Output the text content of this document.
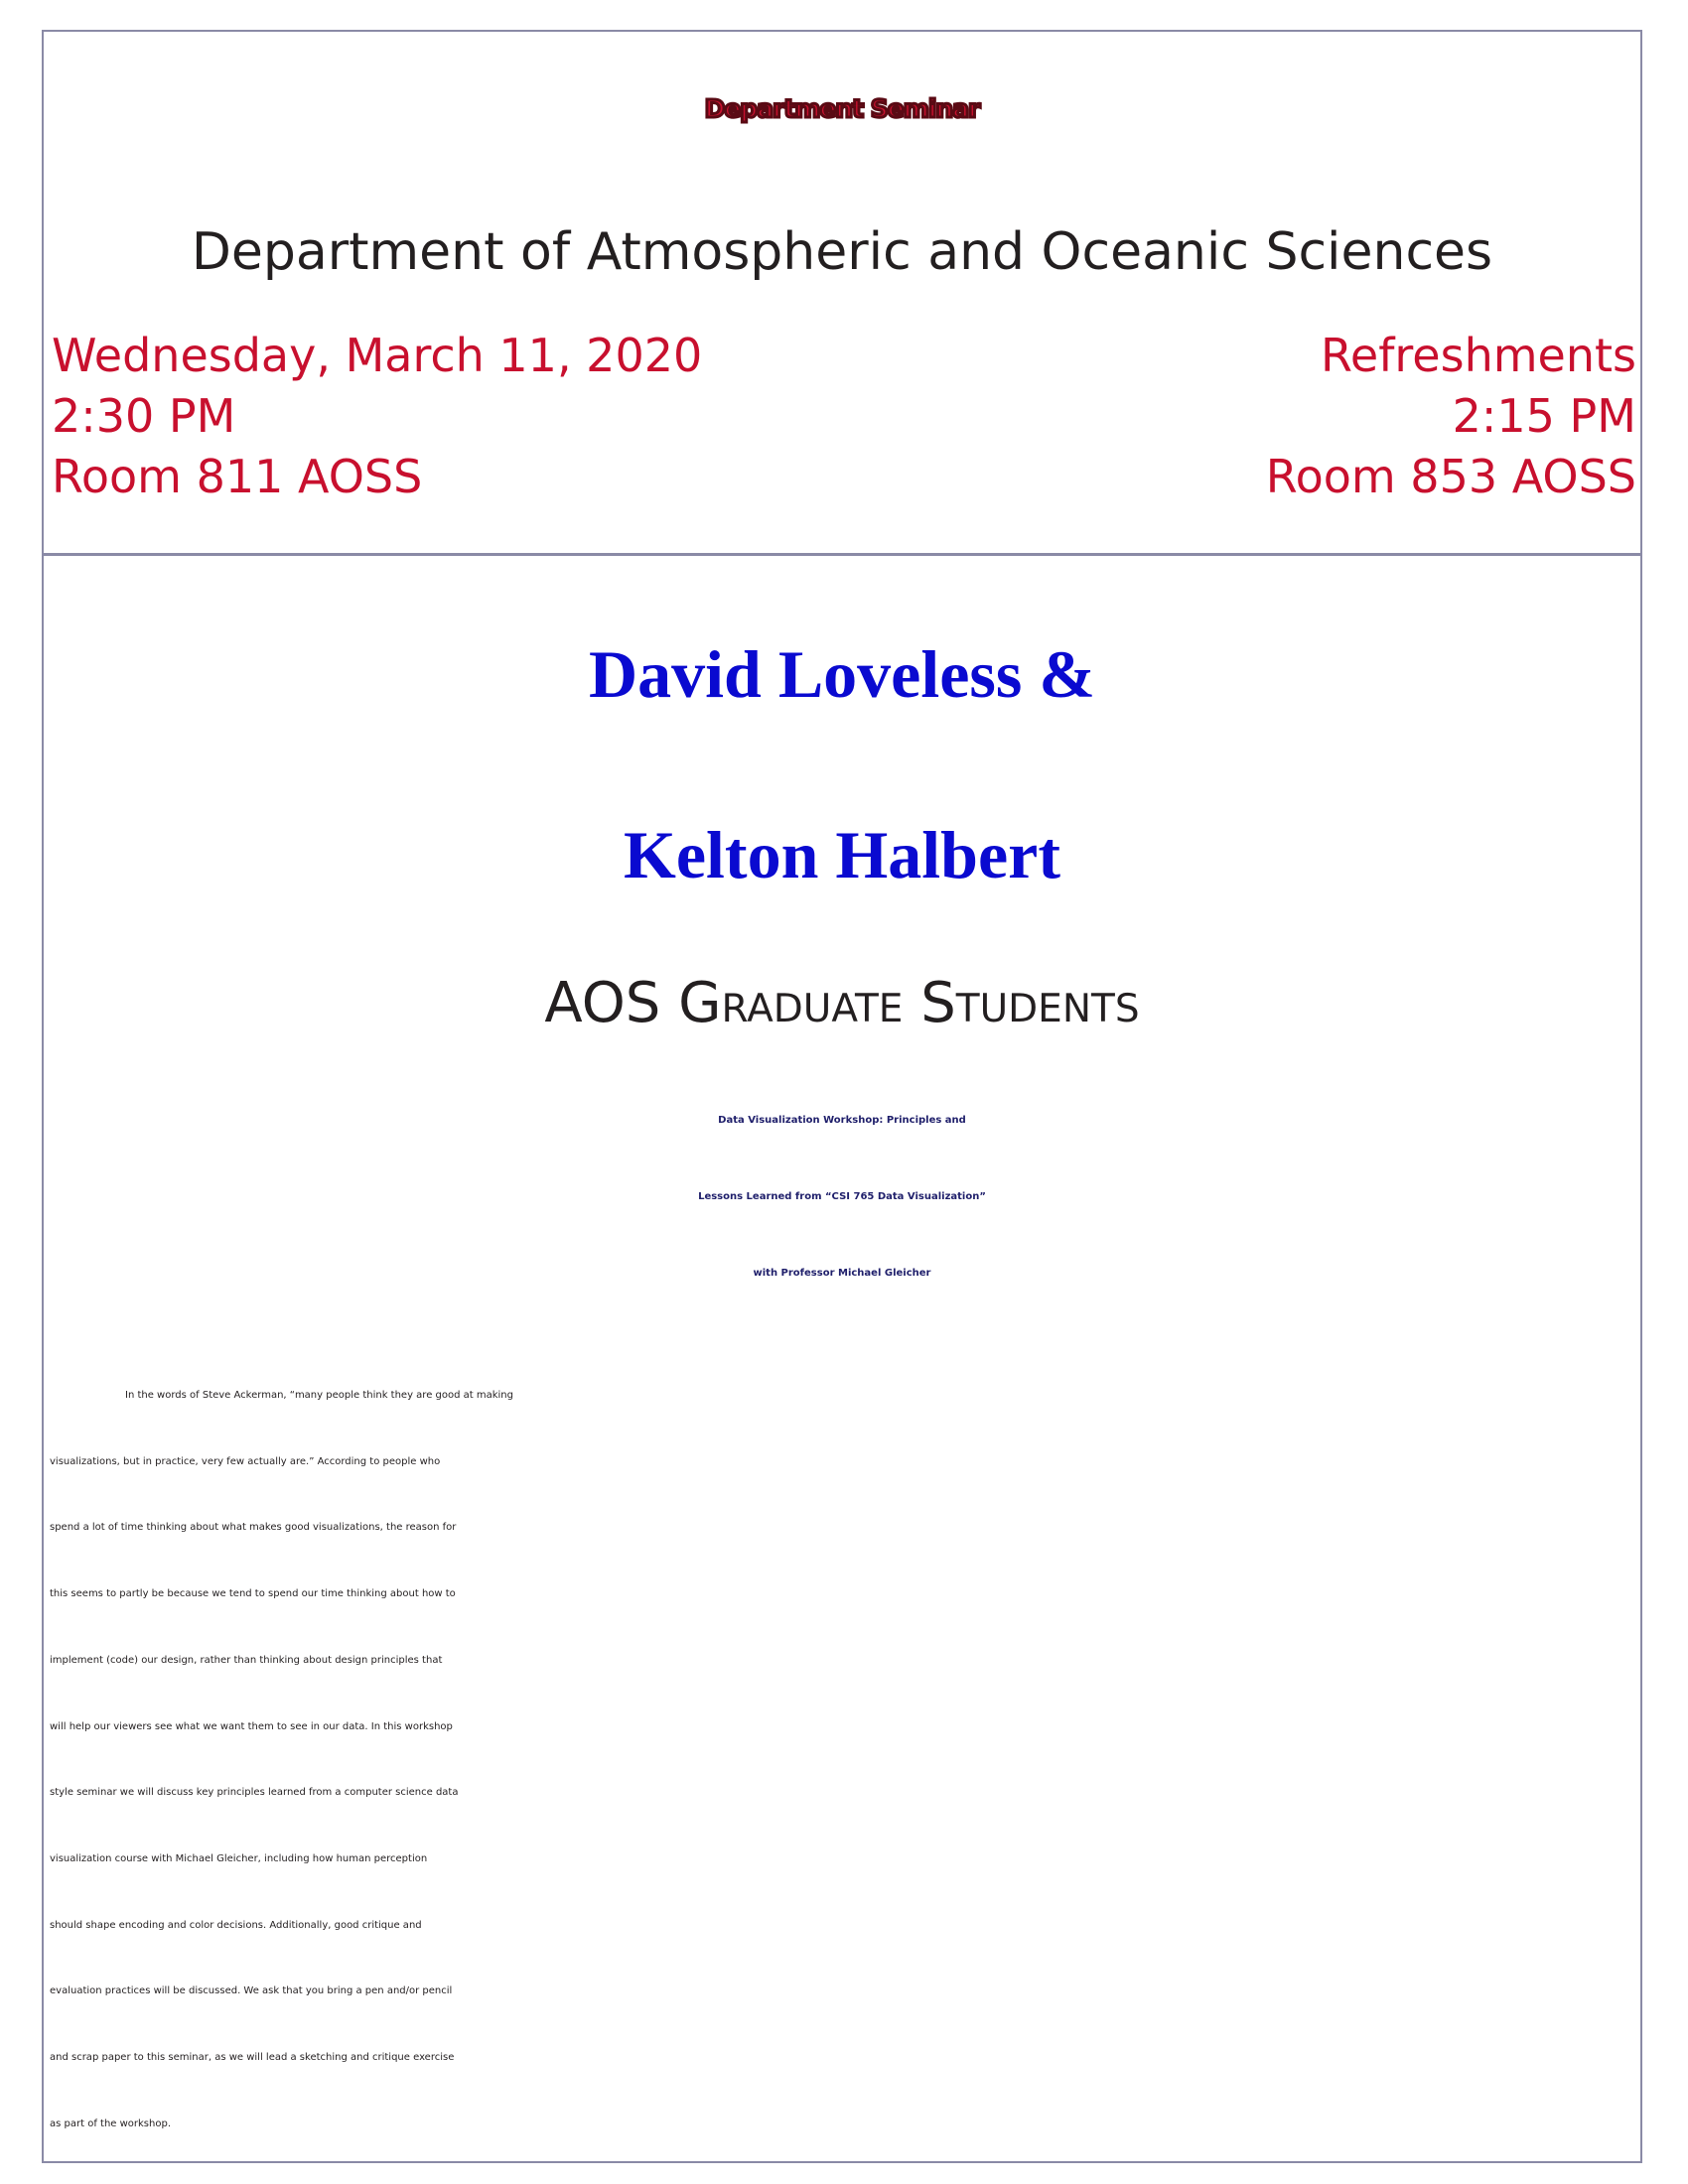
Department Seminar
Department of Atmospheric and Oceanic Sciences
Wednesday, March 11, 2020
2:30 PM
Room 811 AOSS
Refreshments
2:15 PM
Room 853 AOSS
David Loveless &
Kelton Halbert
AOS Graduate Students
Data Visualization Workshop: Principles and
Lessons Learned from “CSI 765 Data Visualization”
with Professor Michael Gleicher
In the words of Steve Ackerman, “many people think they are good at making
visualizations, but in practice, very few actually are.” According to people who
spend a lot of time thinking about what makes good visualizations, the reason for
this seems to partly be because we tend to spend our time thinking about how to
implement (code) our design, rather than thinking about design principles that
will help our viewers see what we want them to see in our data. In this workshop
style seminar we will discuss key principles learned from a computer science data
visualization course with Michael Gleicher, including how human perception
should shape encoding and color decisions. Additionally, good critique and
evaluation practices will be discussed. We ask that you bring a pen and/or pencil
and scrap paper to this seminar, as we will lead a sketching and critique exercise
as part of the workshop.
